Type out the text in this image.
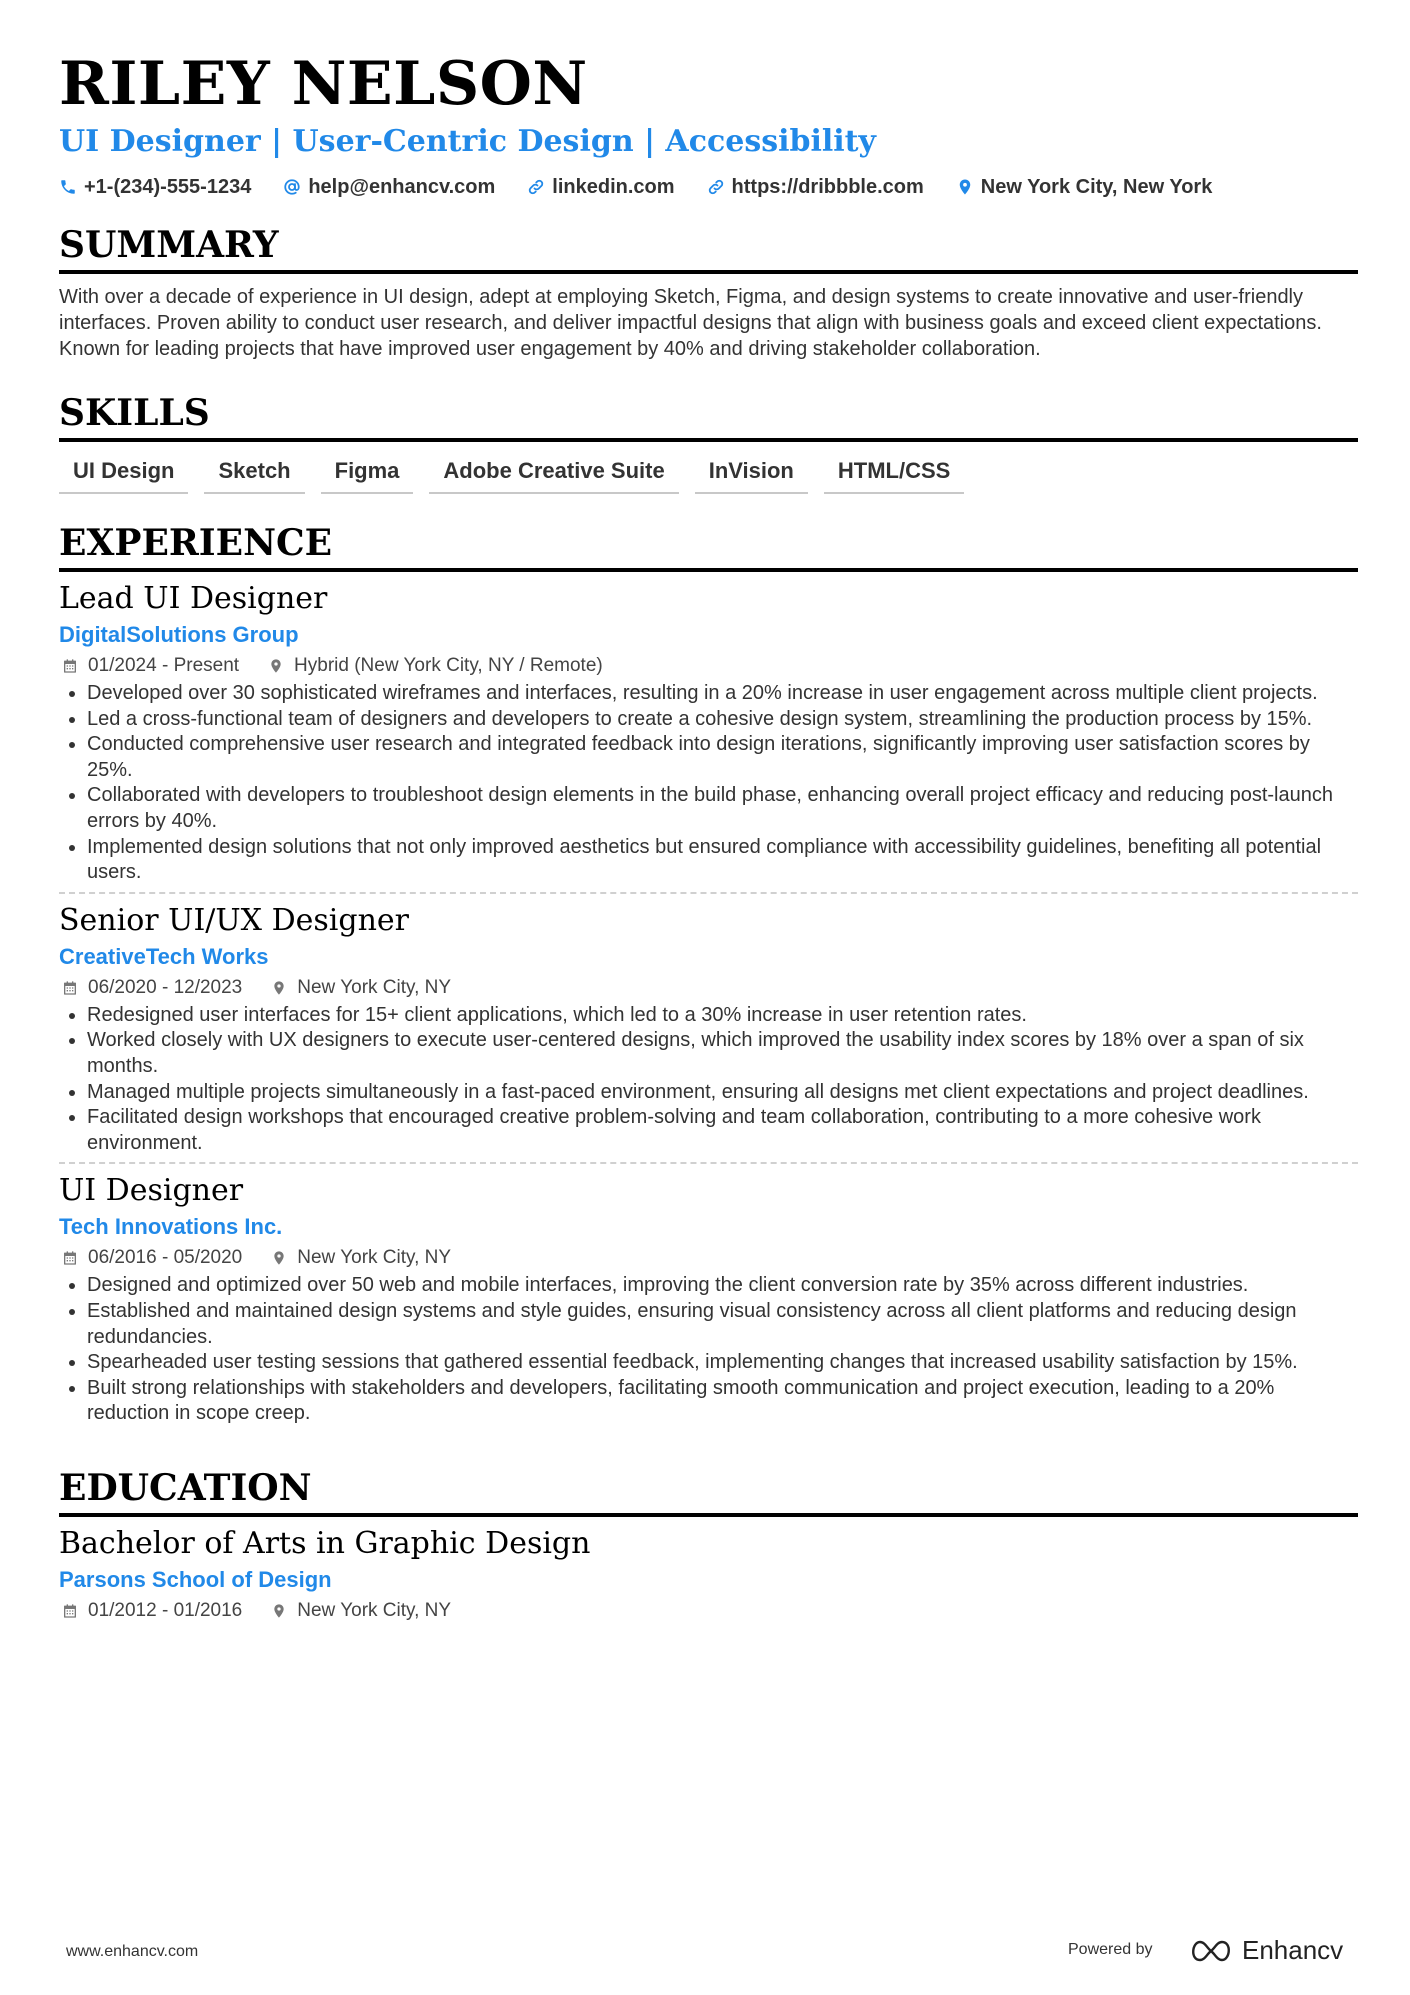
RILEY NELSON
UI Designer | User-Centric Design | Accessibility
+1-(234)-555-1234	help@enhancv.com	linkedin.com	https://dribbble.com	New York City, New York
SUMMARY

With over a decade of experience in UI design, adept at employing Sketch, Figma, and design systems to create innovative and user-friendly interfaces. Proven ability to conduct user research, and deliver impactful designs that align with business goals and exceed client expectations. Known for leading projects that have improved user engagement by 40% and driving stakeholder collaboration.

SKILLS
UI Design	Sketch	Figma	Adobe Creative Suite	InVision	HTML/CSS
EXPERIENCE
Lead UI Designer
DigitalSolutions Group
01/2024 - Present	Hybrid (New York City, NY / Remote)
• Developed over 30 sophisticated wireframes and interfaces, resulting in a 20% increase in user engagement across multiple client projects.
• Led a cross-functional team of designers and developers to create a cohesive design system, streamlining the production process by 15%.
• Conducted comprehensive user research and integrated feedback into design iterations, significantly improving user satisfaction scores by 25%.
• Collaborated with developers to troubleshoot design elements in the build phase, enhancing overall project efficacy and reducing post-launch errors by 40%.
• Implemented design solutions that not only improved aesthetics but ensured compliance with accessibility guidelines, benefiting all potential users.
Senior UI/UX Designer
CreativeTech Works
06/2020 - 12/2023	New York City, NY
• Redesigned user interfaces for 15+ client applications, which led to a 30% increase in user retention rates.
• Worked closely with UX designers to execute user-centered designs, which improved the usability index scores by 18% over a span of six months.
• Managed multiple projects simultaneously in a fast-paced environment, ensuring all designs met client expectations and project deadlines.
• Facilitated design workshops that encouraged creative problem-solving and team collaboration, contributing to a more cohesive work environment.
UI Designer
Tech Innovations Inc.
06/2016 - 05/2020	New York City, NY
• Designed and optimized over 50 web and mobile interfaces, improving the client conversion rate by 35% across different industries.
• Established and maintained design systems and style guides, ensuring visual consistency across all client platforms and reducing design redundancies.
• Spearheaded user testing sessions that gathered essential feedback, implementing changes that increased usability satisfaction by 15%.
• Built strong relationships with stakeholders and developers, facilitating smooth communication and project execution, leading to a 20% reduction in scope creep.
EDUCATION
Bachelor of Arts in Graphic Design
Parsons School of Design
01/2012 - 01/2016	New York City, NY
www.enhancv.com	Powered by	Enhancv
